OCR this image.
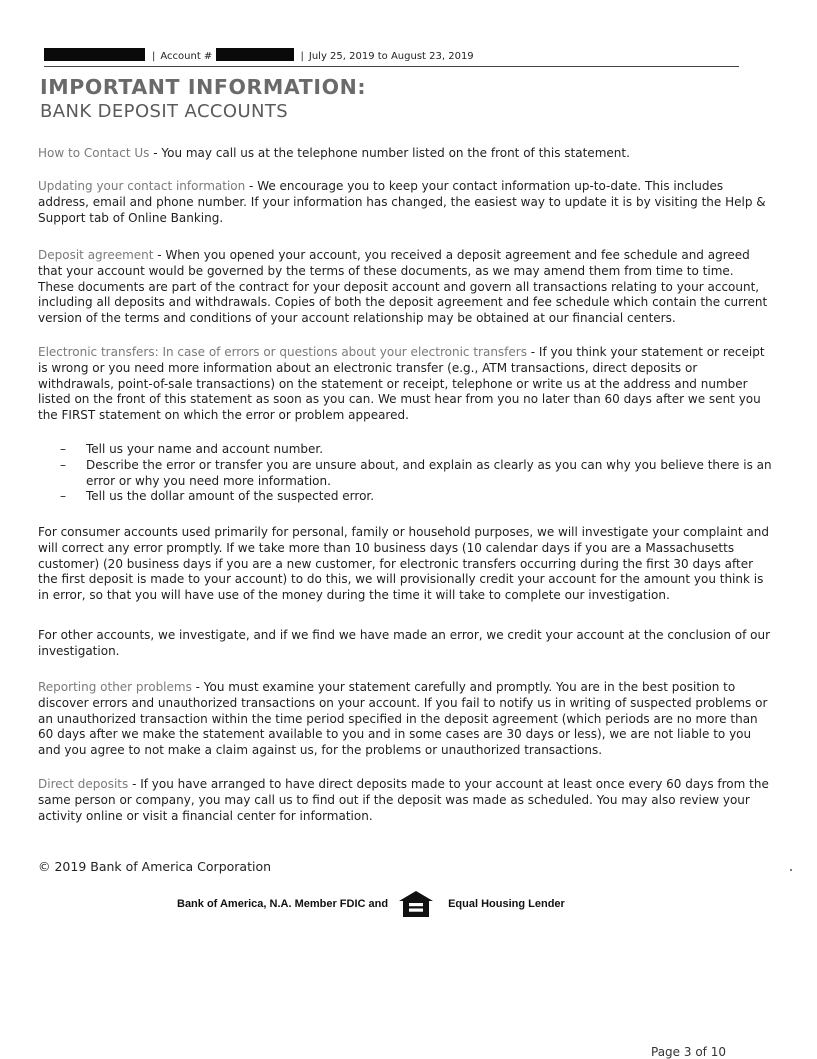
| Account #	| July 25, 2019 to August 23, 2019
IMPORTANT INFORMATION:
BANK DEPOSIT ACCOUNTS
How to Contact Us - You may call us at the telephone number listed on the front of this statement.
Updating your contact information - We encourage you to keep your contact information up-to-date. This includes address, email and phone number. If your information has changed, the easiest way to update it is by visiting the Help & Support tab of Online Banking.
Deposit agreement - When you opened your account, you received a deposit agreement and fee schedule and agreed that your account would be governed by the terms of these documents, as we may amend them from time to time. These documents are part of the contract for your deposit account and govern all transactions relating to your account, including all deposits and withdrawals. Copies of both the deposit agreement and fee schedule which contain the current version of the terms and conditions of your account relationship may be obtained at our financial centers.
Electronic transfers: In case of errors or questions about your electronic transfers - If you think your statement or receipt is wrong or you need more information about an electronic transfer (e.g., ATM transactions, direct deposits or withdrawals, point-of-sale transactions) on the statement or receipt, telephone or write us at the address and number listed on the front of this statement as soon as you can. We must hear from you no later than 60 days after we sent you the FIRST statement on which the error or problem appeared.
– Tell us your name and account number.
– Describe the error or transfer you are unsure about, and explain as clearly as you can why you believe there is an error or why you need more information.
– Tell us the dollar amount of the suspected error.
For consumer accounts used primarily for personal, family or household purposes, we will investigate your complaint and will correct any error promptly. If we take more than 10 business days (10 calendar days if you are a Massachusetts customer) (20 business days if you are a new customer, for electronic transfers occurring during the first 30 days after the first deposit is made to your account) to do this, we will provisionally credit your account for the amount you think is in error, so that you will have use of the money during the time it will take to complete our investigation.
For other accounts, we investigate, and if we find we have made an error, we credit your account at the conclusion of our investigation.
Reporting other problems - You must examine your statement carefully and promptly. You are in the best position to discover errors and unauthorized transactions on your account. If you fail to notify us in writing of suspected problems or an unauthorized transaction within the time period specified in the deposit agreement (which periods are no more than 60 days after we make the statement available to you and in some cases are 30 days or less), we are not liable to you and you agree to not make a claim against us, for the problems or unauthorized transactions.
Direct deposits - If you have arranged to have direct deposits made to your account at least once every 60 days from the same person or company, you may call us to find out if the deposit was made as scheduled. You may also review your activity online or visit a financial center for information.
© 2019 Bank of America Corporation
Bank of America, N.A. Member FDIC and	Equal Housing Lender
Page 3 of 10
